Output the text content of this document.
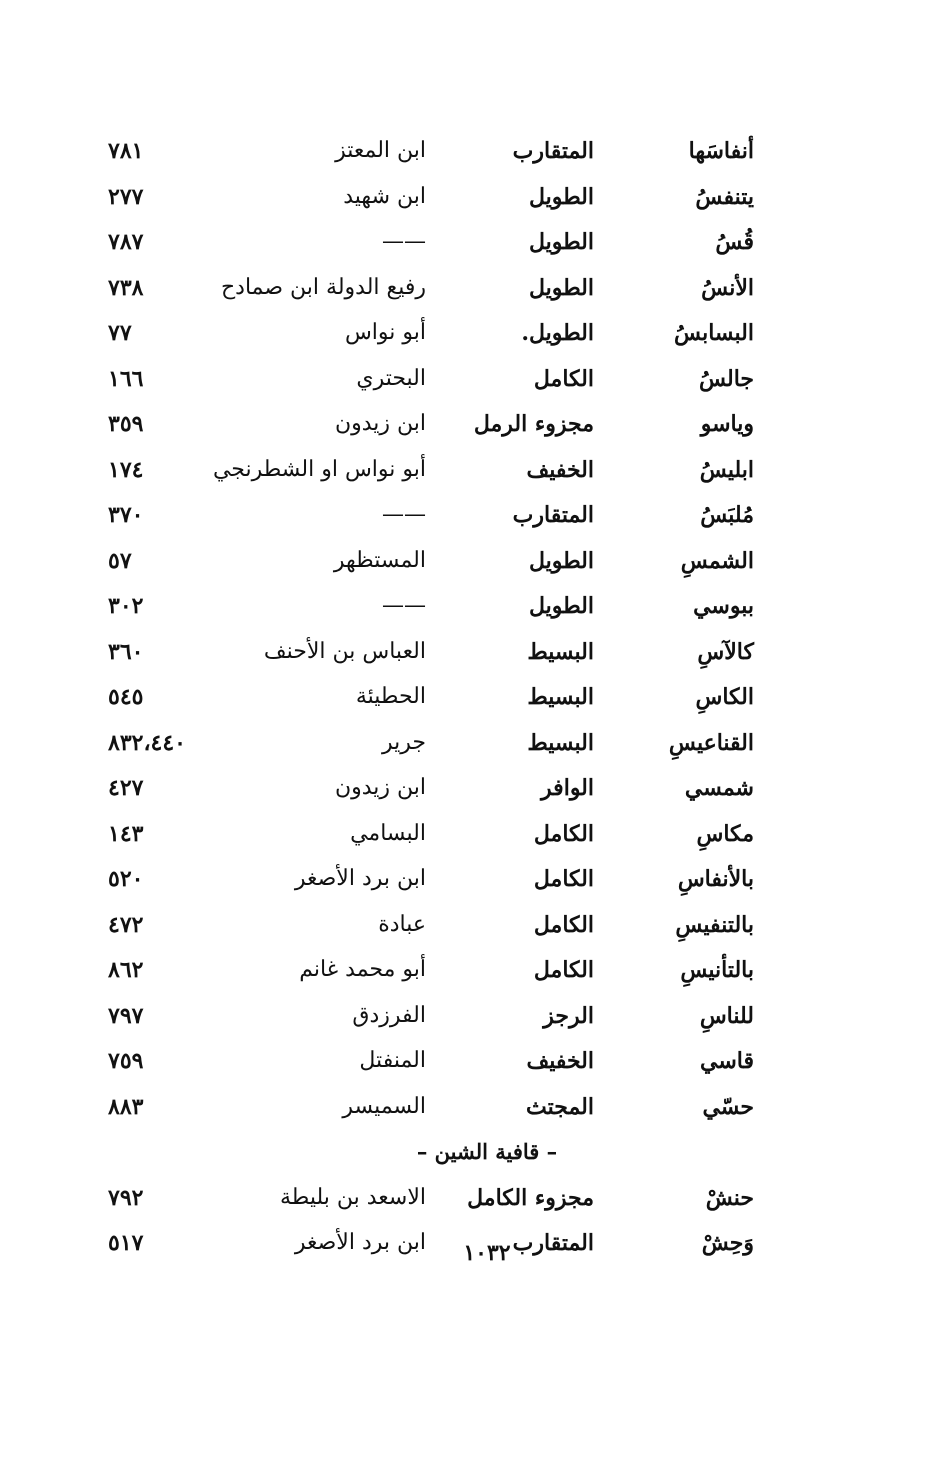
أنفاسَها
المتقارب
ابن المعتز
٧٨١
يتنفسُ
الطويل
ابن شهيد
٢٧٧
قُسُ
الطويل
——
٧٨٧
الأنسُ
الطويل
رفيع الدولة ابن صمادح
٧٣٨
البسابسُ
الطويل.
أبو نواس
٧٧
جالسُ
الكامل
البحتري
١٦٦
وياسو
مجزوء الرمل
ابن زيدون
٣٥٩
ابليسُ
الخفيف
أبو نواس او الشطرنجي
١٧٤
مُلبَسُ
المتقارب
——
٣٧٠
الشمسِ
الطويل
المستظهر
٥٧
ببوسي
الطويل
——
٣٠٢
كالآسِ
البسيط
العباس بن الأحنف
٣٦٠
الكاسِ
البسيط
الحطيئة
٥٤٥
القناعيسِ
البسيط
جرير
٨٣٢،٤٤٠
شمسي
الوافر
ابن زيدون
٤٢٧
مكاسِ
الكامل
البسامي
١٤٣
بالأنفاسِ
الكامل
ابن برد الأصغر
٥٢٠
بالتنفيسِ
الكامل
عبادة
٤٧٢
بالتأنيسِ
الكامل
أبو محمد غانم
٨٦٢
للناسِ
الرجز
الفرزدق
٧٩٧
قاسي
الخفيف
المنفتل
٧٥٩
حسّي
المجتث
السميسر
٨٨٣
– قافية الشين –
حنشْ
مجزوء الكامل
الاسعد بن بليطة
٧٩٢
وَحِشْ
المتقارب
ابن برد الأصغر
٥١٧	١٠٣٢
